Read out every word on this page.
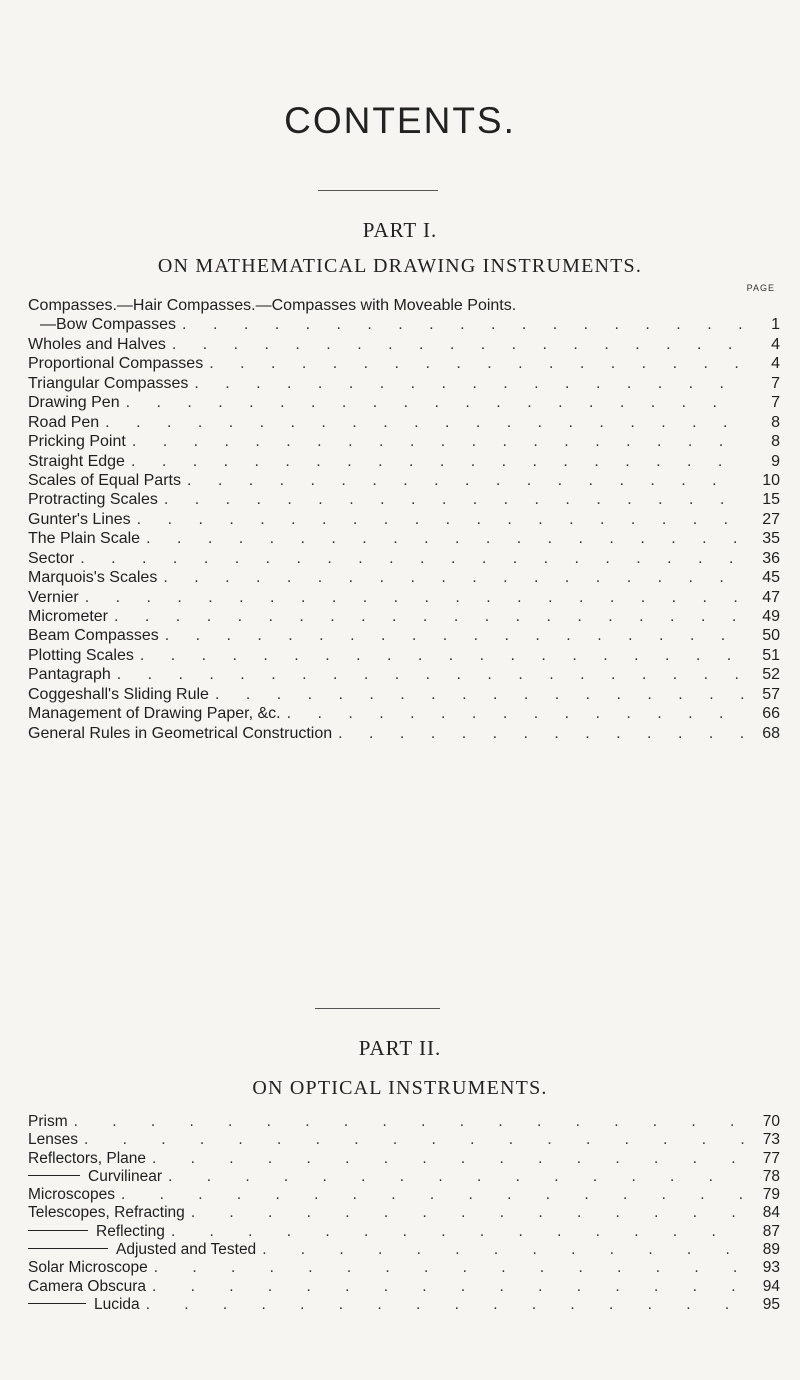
CONTENTS.
PART I.
ON MATHEMATICAL DRAWING INSTRUMENTS.
PAGE
Compasses.—Hair Compasses.—Compasses with Moveable Points.
—Bow Compasses . . .	1
Wholes and Halves . . .	4
Proportional Compasses . . .	4
Triangular Compasses . . .	7
Drawing Pen . . .	7
Road Pen . . .	8
Pricking Point . . .	8
Straight Edge . . .	9
Scales of Equal Parts . . .	10
Protracting Scales . . .	15
Gunter's Lines . . .	27
The Plain Scale . . .	35
Sector . . .	36
Marquois's Scales . . .	45
Vernier . . .	47
Micrometer . . .	49
Beam Compasses . . .	50
Plotting Scales . . .	51
Pantagraph . . .	52
Coggeshall's Sliding Rule . . .	57
Management of Drawing Paper, &c. . . .	66
General Rules in Geometrical Construction . . .	68
PART II.
ON OPTICAL INSTRUMENTS.
Prism . . .	70
Lenses . . .	73
Reflectors, Plane . . .	77
Curvilinear . . .	78
Microscopes . . .	79
Telescopes, Refracting . . .	84
Reflecting . . .	87
Adjusted and Tested . . .	89
Solar Microscope . . .	93
Camera Obscura . . .	94
Lucida . . .	95
